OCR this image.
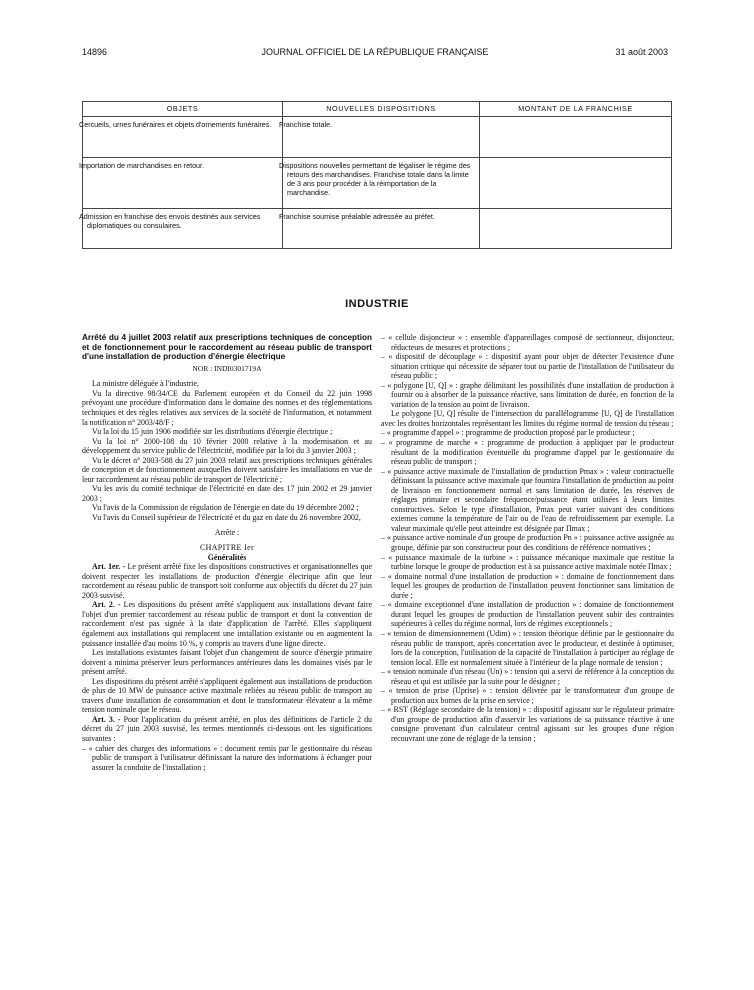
14896	JOURNAL OFFICIEL DE LA RÉPUBLIQUE FRANÇAISE	31 août 2003
OBJETS	NOUVELLES DISPOSITIONS	MONTANT DE LA FRANCHISE
Cercueils, urnes funéraires et objets d'ornements funéraires.	Franchise totale.	
Importation de marchandises en retour.	Dispositions nouvelles permettant de légaliser le régime des retours des marchandises. Franchise totale dans la limite de 3 ans pour procéder à la réimportation de la marchandise.	
Admission en franchise des envois destinés aux services diplomatiques ou consulaires.	Franchise soumise préalable adressée au préfet.	
INDUSTRIE

Arrêté du 4 juillet 2003 relatif aux prescriptions techniques de conception et de fonctionnement pour le raccordement au réseau public de transport d'une installation de production d'énergie électrique

NOR : INDI0301719A

La ministre déléguée à l'industrie,

Vu la directive 98/34/CE du Parlement européen et du Conseil du 22 juin 1998 prévoyant une procédure d'information dans le domaine des normes et des réglementations techniques et des règles relatives aux services de la société de l'information, et notamment la notification n° 2003/48/F ;

Vu la loi du 15 juin 1906 modifiée sur les distributions d'énergie électrique ;

Vu la loi n° 2000-108 du 10 février 2000 relative à la modernisation et au développement du service public de l'électricité, modifiée par la loi du 3 janvier 2003 ;

Vu le décret n° 2003-588 du 27 juin 2003 relatif aux prescriptions techniques générales de conception et de fonctionnement auxquelles doivent satisfaire les installations en vue de leur raccordement au réseau public de transport de l'électricité ;

Vu les avis du comité technique de l'électricité en date des 17 juin 2002 et 29 janvier 2003 ;

Vu l'avis de la Commission de régulation de l'énergie en date du 19 décembre 2002 ;

Vu l'avis du Conseil supérieur de l'électricité et du gaz en date du 26 novembre 2002,

Arrête :

CHAPITRE Ier

Généralités

Art. 1er. - Le présent arrêté fixe les dispositions constructives et organisationnelles que doivent respecter les installations de production d'énergie électrique afin que leur raccordement au réseau public de transport soit conforme aux objectifs du décret du 27 juin 2003 susvisé.

Art. 2. - Les dispositions du présent arrêté s'appliquent aux installations devant faire l'objet d'un premier raccordement au réseau public de transport et dont la convention de raccordement n'est pas signée à la date d'application de l'arrêté. Elles s'appliquent également aux installations qui remplacent une installation existante ou en augmentent la puissance installée d'au moins 10 %, y compris au travers d'une ligne directe.

Les installations existantes faisant l'objet d'un changement de source d'énergie primaire doivent a minima préserver leurs performances antérieures dans les domaines visés par le présent arrêté.

Les dispositions du présent arrêté s'appliquent également aux installations de production de plus de 10 MW de puissance active maximale reliées au réseau public de transport au travers d'une installation de consommation et dont le transformateur élévateur a la même tension nominale que le réseau.

Art. 3. - Pour l'application du présent arrêté, en plus des définitions de l'article 2 du décret du 27 juin 2003 susvisé, les termes mentionnés ci-dessous ont les significations suivantes :

– « cahier des charges des informations » : document remis par le gestionnaire du réseau public de transport à l'utilisateur définissant la nature des informations à échanger pour assurer la conduite de l'installation ;

– « cellule disjoncteur » : ensemble d'appareillages composé de sectionneur, disjoncteur, réducteurs de mesures et protections ;

– « dispositif de découplage » : dispositif ayant pour objet de détecter l'existence d'une situation critique qui nécessite de séparer tout ou partie de l'installation de l'utilisateur du réseau public ;

– « polygone [U, Q] » : graphe délimitant les possibilités d'une installation de production à fournir ou à absorber de la puissance réactive, sans limitation de durée, en fonction de la variation de la tension au point de livraison.

Le polygone [U, Q] résulte de l'intersection du parallélogramme [U, Q] de l'installation avec les droites horizontales représentant les limites du régime normal de tension du réseau ;

– « programme d'appel » : programme de production proposé par le producteur ;

– « programme de marche » : programme de production à appliquer par le producteur résultant de la modification éventuelle du programme d'appel par le gestionnaire du réseau public de transport ;

– « puissance active maximale de l'installation de production Pmax » : valeur contractuelle définissant la puissance active maximale que fournira l'installation de production au point de livraison en fonctionnement normal et sans limitation de durée, les réserves de réglages primaire et secondaire fréquence/puissance étant utilisées à leurs limites constructives. Selon le type d'installation, Pmax peut varier suivant des conditions externes comme la température de l'air ou de l'eau de refroidissement par exemple. La valeur maximale qu'elle peut atteindre est désignée par Πmax ;

– « puissance active nominale d'un groupe de production Pn » : puissance active assignée au groupe, définie par son constructeur pour des conditions de référence normatives ;

– « puissance maximale de la turbine » : puissance mécanique maximale que restitue la turbine lorsque le groupe de production est à sa puissance active maximale notée Πmax ;

– « domaine normal d'une installation de production » : domaine de fonctionnement dans lequel les groupes de production de l'installation peuvent fonctionner sans limitation de durée ;

– « domaine exceptionnel d'une installation de production » : domaine de fonctionnement durant lequel les groupes de production de l'installation peuvent subir des contraintes supérieures à celles du régime normal, lors de régimes exceptionnels ;

– « tension de dimensionnement (Udim) » : tension théorique définie par le gestionnaire du réseau public de transport, après concertation avec le producteur, et destinée à optimiser, lors de la conception, l'utilisation de la capacité de l'installation à participer au réglage de tension local. Elle est normalement située à l'intérieur de la plage normale de tension ;

– « tension nominale d'un réseau (Un) » : tension qui a servi de référence à la conception du réseau et qui est utilisée par la suite pour le désigner ;

– « tension de prise (Uprise) » : tension délivrée par le transformateur d'un groupe de production aux bornes de la prise en service ;

– « RST (Réglage secondaire de la tension) » : dispositif agissant sur le régulateur primaire d'un groupe de production afin d'asservir les variations de sa puissance réactive à une consigne provenant d'un calculateur central agissant sur les groupes d'une région recouvrant une zone de réglage de la tension ;
